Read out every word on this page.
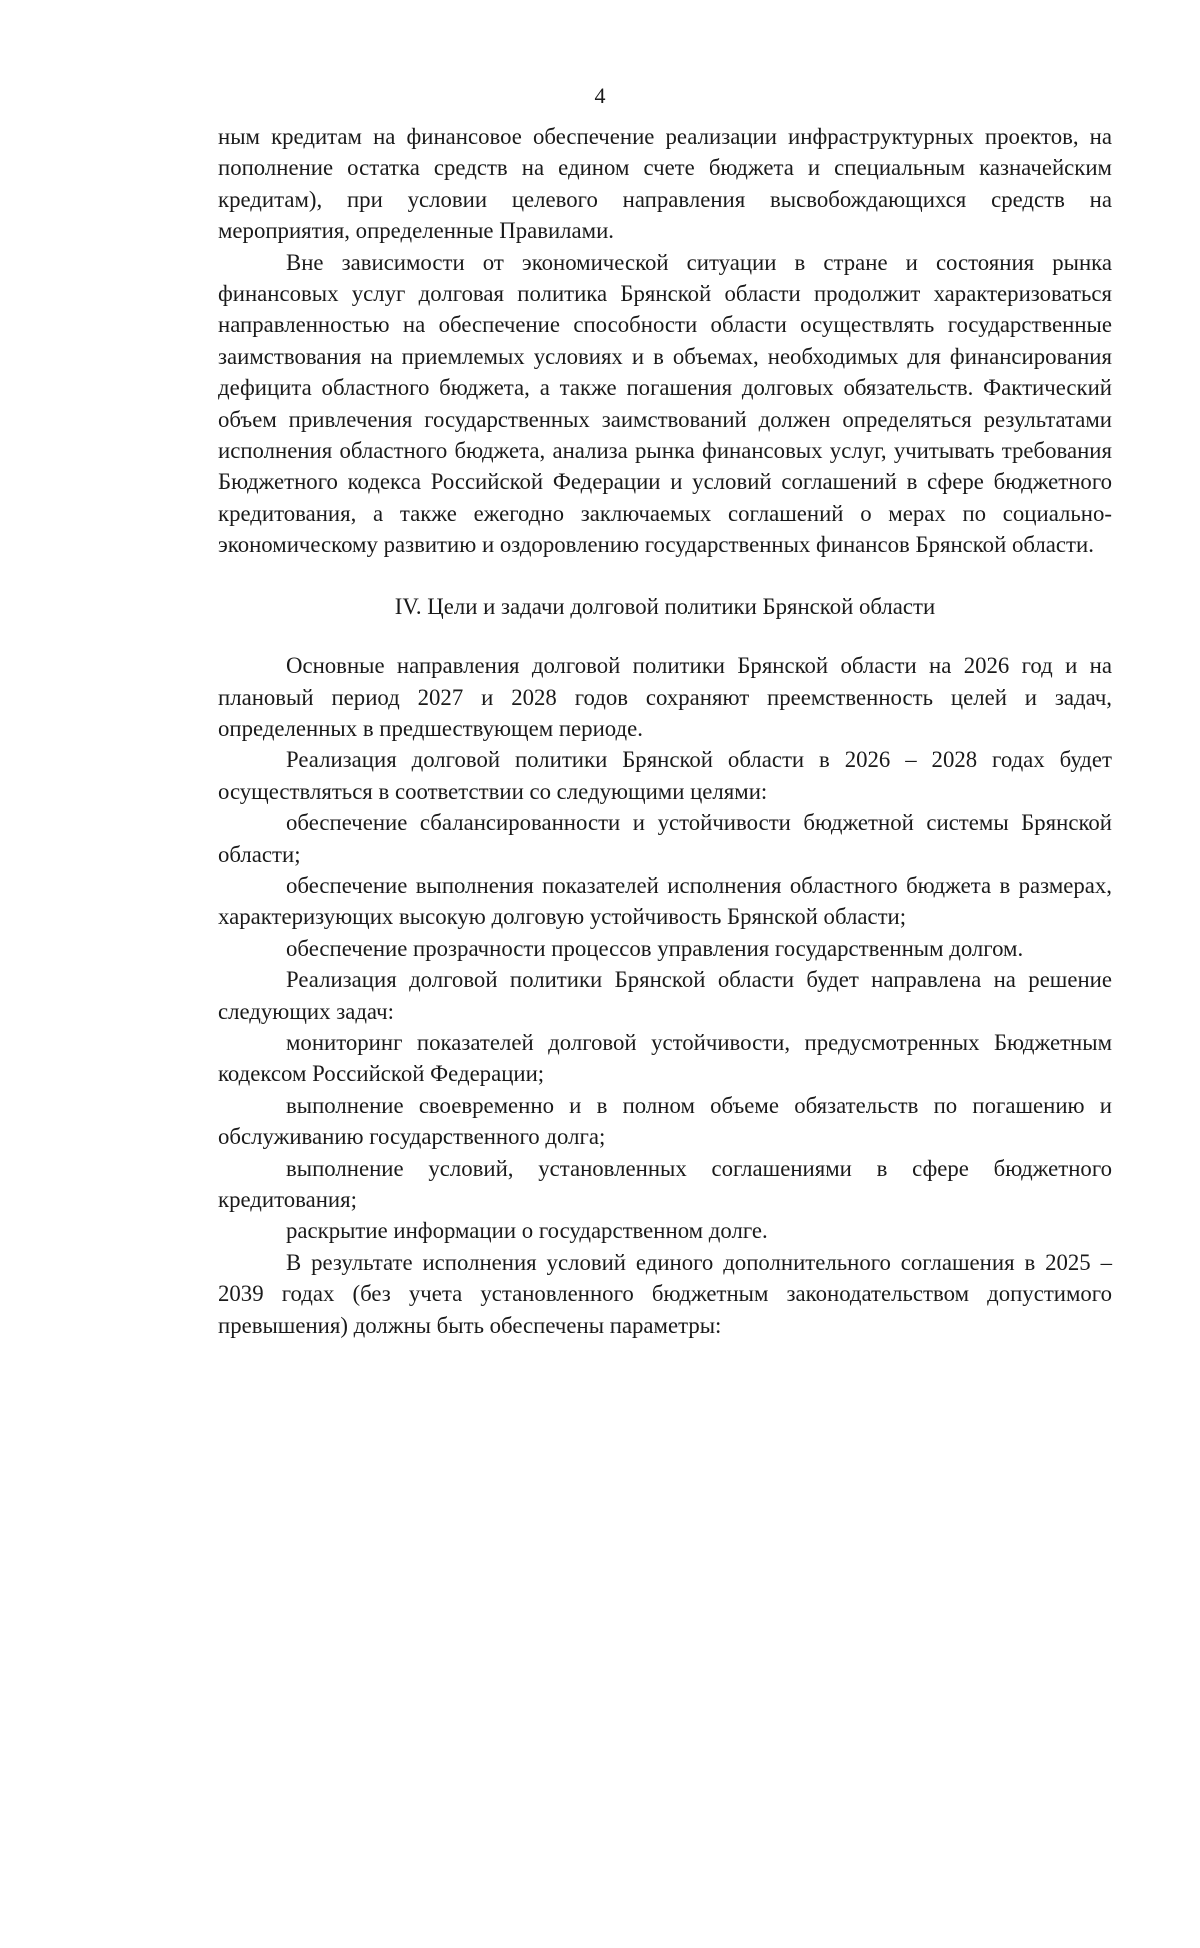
4

ным кредитам на финансовое обеспечение реализации инфраструктурных проектов, на пополнение остатка средств на едином счете бюджета и специальным казначейским кредитам), при условии целевого направления высвобождающихся средств на мероприятия, определенные Правилами.

Вне зависимости от экономической ситуации в стране и состояния рынка финансовых услуг долговая политика Брянской области продолжит характеризоваться направленностью на обеспечение способности области осуществлять государственные заимствования на приемлемых условиях и в объемах, необходимых для финансирования дефицита областного бюджета, а также погашения долговых обязательств. Фактический объем привлечения государственных заимствований должен определяться результатами исполнения областного бюджета, анализа рынка финансовых услуг, учитывать требования Бюджетного кодекса Российской Федерации и условий соглашений в сфере бюджетного кредитования, а также ежегодно заключаемых соглашений о мерах по социально-экономическому развитию и оздоровлению государственных финансов Брянской области.

IV. Цели и задачи долговой политики Брянской области

Основные направления долговой политики Брянской области на 2026 год и на плановый период 2027 и 2028 годов сохраняют преемственность целей и задач, определенных в предшествующем периоде.

Реализация долговой политики Брянской области в 2026 – 2028 годах будет осуществляться в соответствии со следующими целями:

обеспечение сбалансированности и устойчивости бюджетной системы Брянской области;

обеспечение выполнения показателей исполнения областного бюджета в размерах, характеризующих высокую долговую устойчивость Брянской области;

обеспечение прозрачности процессов управления государственным долгом.

Реализация долговой политики Брянской области будет направлена на решение следующих задач:

мониторинг показателей долговой устойчивости, предусмотренных Бюджетным кодексом Российской Федерации;

выполнение своевременно и в полном объеме обязательств по погашению и обслуживанию государственного долга;

выполнение условий, установленных соглашениями в сфере бюджетного кредитования;

раскрытие информации о государственном долге.

В результате исполнения условий единого дополнительного соглашения в 2025 – 2039 годах (без учета установленного бюджетным законодательством допустимого превышения) должны быть обеспечены параметры:
